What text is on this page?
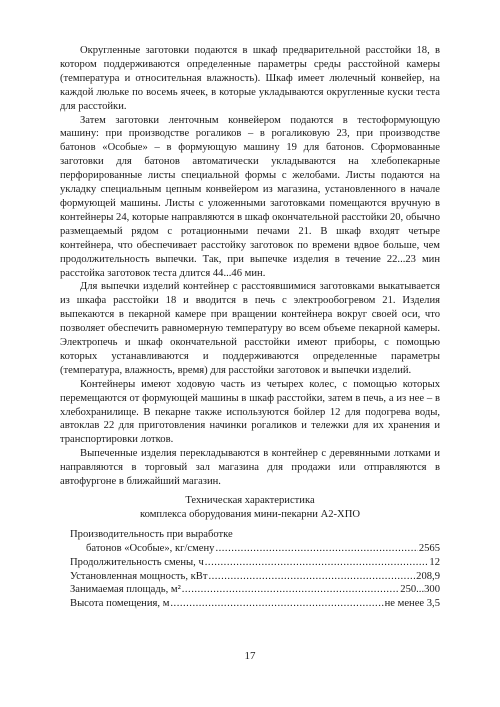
Округленные заготовки подаются в шкаф предварительной расстойки 18, в котором поддерживаются определенные параметры среды расстойной камеры (температура и относительная влажность). Шкаф имеет люлечный конвейер, на каждой люльке по восемь ячеек, в которые укладываются округленные куски теста для расстойки.

Затем заготовки ленточным конвейером подаются в тестоформующую машину: при производстве рогаликов – в рогаликовую 23, при производстве батонов «Особые» – в формующую машину 19 для батонов. Сформованные заготовки для батонов автоматически укладываются на хлебопекарные перфорированные листы специальной формы с желобами. Листы подаются на укладку специальным цепным конвейером из магазина, установленного в начале формующей машины. Листы с уложенными заготовками помещаются вручную в контейнеры 24, которые направляются в шкаф окончательной расстойки 20, обычно размещаемый рядом с ротационными печами 21. В шкаф входят четыре контейнера, что обеспечивает расстойку заготовок по времени вдвое больше, чем продолжительность выпечки. Так, при выпечке изделия в течение 22...23 мин расстойка заготовок теста длится 44...46 мин.

Для выпечки изделий контейнер с расстоявшимися заготовками выкатывается из шкафа расстойки 18 и вводится в печь с электрообогревом 21. Изделия выпекаются в пекарной камере при вращении контейнера вокруг своей оси, что позволяет обеспечить равномерную температуру во всем объеме пекарной камеры. Электропечь и шкаф окончательной расстойки имеют приборы, с помощью которых устанавливаются и поддерживаются определенные параметры (температура, влажность, время) для расстойки заготовок и выпечки изделий.

Контейнеры имеют ходовую часть из четырех колес, с помощью которых перемещаются от формующей машины в шкаф расстойки, затем в печь, а из нее – в хлебохранилище. В пекарне также используются бойлер 12 для подогрева воды, автоклав 22 для приготовления начинки рогаликов и тележки для их хранения и транспортировки лотков.

Выпеченные изделия перекладываются в контейнер с деревянными лотками и направляются в торговый зал магазина для продажи или отправляются в автофургоне в ближайший магазин.

Техническая характеристика
комплекса оборудования мини-пекарни А2-ХПО
Производительность при выработке
батонов «Особые», кг/смену .....	2565
Продолжительность смены, ч .....	12
Установленная мощность, кВт .....	208,9
Занимаемая площадь, м² .....	250...300
Высота помещения, м .....	не менее 3,5
17
